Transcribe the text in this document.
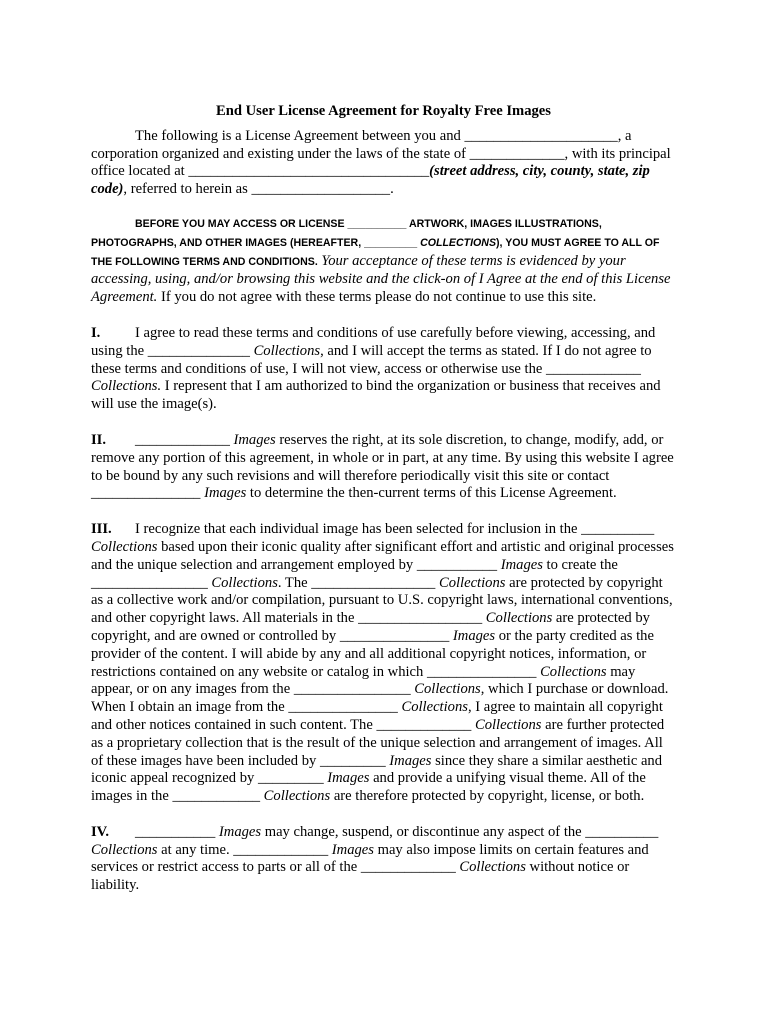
End User License Agreement for Royalty Free Images

The following is a License Agreement between you and _____________________, a corporation organized and existing under the laws of the state of _____________, with its principal office located at _________________________________(street address, city, county, state, zip code), referred to herein as ___________________.

BEFORE YOU MAY ACCESS OR LICENSE __________ ARTWORK, IMAGES ILLUSTRATIONS, PHOTOGRAPHS, AND OTHER IMAGES (HEREAFTER, _________ COLLECTIONS), YOU MUST AGREE TO ALL OF THE FOLLOWING TERMS AND CONDITIONS. Your acceptance of these terms is evidenced by your accessing, using, and/or browsing this website and the click-on of I Agree at the end of this License Agreement. If you do not agree with these terms please do not continue to use this site.

I. I agree to read these terms and conditions of use carefully before viewing, accessing, and using the ______________ Collections, and I will accept the terms as stated. If I do not agree to these terms and conditions of use, I will not view, access or otherwise use the _____________ Collections. I represent that I am authorized to bind the organization or business that receives and will use the image(s).

II. _____________ Images reserves the right, at its sole discretion, to change, modify, add, or remove any portion of this agreement, in whole or in part, at any time. By using this website I agree to be bound by any such revisions and will therefore periodically visit this site or contact _______________ Images to determine the then-current terms of this License Agreement.

III. I recognize that each individual image has been selected for inclusion in the __________ Collections based upon their iconic quality after significant effort and artistic and original processes and the unique selection and arrangement employed by ___________ Images to create the ________________ Collections. The _________________ Collections are protected by copyright as a collective work and/or compilation, pursuant to U.S. copyright laws, international conventions, and other copyright laws. All materials in the _________________ Collections are protected by copyright, and are owned or controlled by _______________ Images or the party credited as the provider of the content. I will abide by any and all additional copyright notices, information, or restrictions contained on any website or catalog in which _______________ Collections may appear, or on any images from the ________________ Collections, which I purchase or download. When I obtain an image from the _______________ Collections, I agree to maintain all copyright and other notices contained in such content. The _____________ Collections are further protected as a proprietary collection that is the result of the unique selection and arrangement of images. All of these images have been included by _________ Images since they share a similar aesthetic and iconic appeal recognized by _________ Images and provide a unifying visual theme. All of the images in the ____________ Collections are therefore protected by copyright, license, or both.

IV. ___________ Images may change, suspend, or discontinue any aspect of the __________ Collections at any time. _____________ Images may also impose limits on certain features and services or restrict access to parts or all of the _____________ Collections without notice or liability.
